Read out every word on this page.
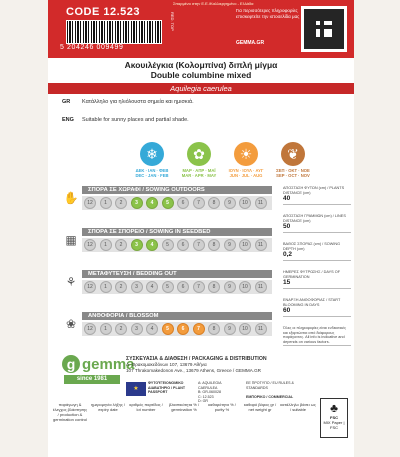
Σπαρμένο στην Ε.Ε./Καλλιεργημένο - Ελλάδα
CODE 12.523
5 204246 009499
RED. TOP
Για περισσότερες πληροφορίες επισκεφτείτε την ιστοσελίδα μας
GEMMA.GR
Ακουιλέγκια (Κολομπίνα) διπλή μίγμα
Double columbine mixed
Aquilegia caerulea
GR Κατάλληλο για ηλιόλουστα σημεία και ημισκιά.
ENG Suitable for sunny places and partial shade.
❄
ΔΕΚ · ΙΑΝ · ΦΕΒ
DEC · JAN · FEB
✿
ΜΑΡ · ΑΠΡ · ΜΑΪ
MAR · APR · MAY
☀
ΙΟΥΝ · ΙΟΥΛ · ΑΥΓ
JUN · JUL · AUG
❦
ΣΕΠ · ΟΚΤ · ΝΟΕ
SEP · OCT · NOV
✋
ΣΠΟΡΑ ΣΕ ΧΩΡΑΦΙ / SOWING OUTDOORS
12	1	2	3	4	5	6	7	8	9	10	11
▦
ΣΠΟΡΑ ΣΕ ΣΠΟΡΕΙΟ / SOWING IN SEEDBED
12	1	2	3	4	5	6	7	8	9	10	11
⚘
ΜΕΤΑΦΥΤΕΥΣΗ / BEDDING OUT
12	1	2	3	4	5	6	7	8	9	10	11
❀
ΑΝΘΟΦΟΡΙΑ / BLOSSOM
12	1	2	3	4	5	6	7	8	9	10	11
ΑΠΟΣΤΑΣΗ ΦΥΤΩΝ (cm) / PLANTS DISTANCE (cm)
40
ΑΠΟΣΤΑΣΗ ΓΡΑΜΜΩΝ (cm) / LINES DISTANCE (cm)
50
ΒΑΘΟΣ ΣΠΟΡΑΣ (cm) / SOWING DEPTH (cm)
0,2
ΗΜΕΡΕΣ ΦΥΤΡΩΣΗΣ / DAYS OF GERMINATION
15
ΕΝΑΡΞΗ ΑΝΘΟΦΟΡΙΑΣ / START BLOOMING IN DAYS
60
Όλες οι πληροφορίες είναι ενδεικτικές και εξαρτώνται από διάφορους παράγοντες. All info is indicative and depends on various factors.
g gemma
since 1981
ΣΥΣΚΕΥΑΣΙΑ & ΔΙΑΘΕΣΗ / PACKAGING & DISTRIBUTION
Λ. Θρακομακεδόνων 107, 13679 Αθήνα
107 Thrakomakedonon Ave., 13679 Athens, Greece / GEMMA.GR
★
ΦΥΤΟΫΓΕΙΟΝΟΜΙΚΟ ΔΙΑΒΑΤΗΡΙΟ / PLANT PASSPORT
A: AQUILEGIA CAERULEA
B: GR-060028
C: 12.523
D: GR
EE ΠΡΟΤΥΠΟ / EU RULES & STANDARDS

ΕΜΠΟΡΙΚΟ / COMMERCIAL
παράγωγη & έλεγχος βλάστησης / production & germination control
ημερομηνία λήξης / expiry date
αριθμός παρτίδας / lot number
βλαστικότητα % / germination %
καθαρότητα % / purity %
καθαρό βάρος gr / net weight gr
κατάλληλο βάσει ως / suitable	♣
FSC
MIX Paper | FSC
